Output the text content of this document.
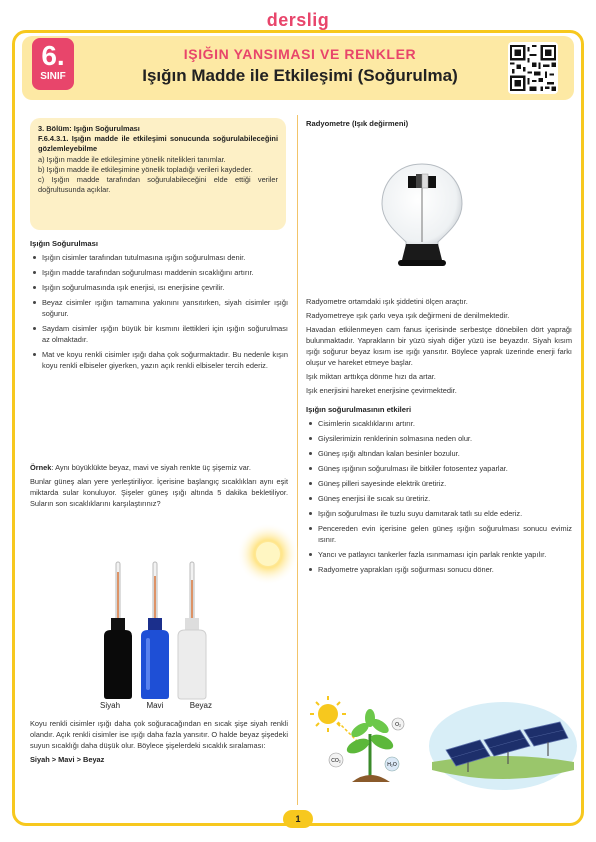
derslig
6.
SINIF
IŞIĞIN YANSIMASI VE RENKLER
Işığın Madde ile Etkileşimi (Soğurulma)
3. Bölüm: Işığın Soğurulması
F.6.4.3.1. Işığın madde ile etkileşimi sonucunda soğurulabileceğini gözlemleyebilme
a) Işığın madde ile etkileşimine yönelik nitelikleri tanımlar.
b) Işığın madde ile etkileşimine yönelik topladığı verileri kaydeder.
c) Işığın madde tarafından soğurulabileceğini elde ettiği veriler doğrultusunda açıklar.
Işığın Soğurulması
Işığın cisimler tarafından tutulmasına ışığın soğurulması denir.
Işığın madde tarafından soğurulması maddenin sıcaklığını artırır.
Işığın soğurulmasında ışık enerjisi, ısı enerjisine çevrilir.
Beyaz cisimler ışığın tamamına yakınını yansıtırken, siyah cisimler ışığı soğurur.
Saydam cisimler ışığın büyük bir kısmını ilettikleri için ışığın soğurulması az olmaktadır.
Mat ve koyu renkli cisimler ışığı daha çok soğurmaktadır. Bu nedenle kışın koyu renkli elbiseler giyerken, yazın açık renkli elbiseler tercih ederiz.

Örnek: Aynı büyüklükte beyaz, mavi ve siyah renkte üç şişemiz var.

Bunlar güneş alan yere yerleştiriliyor. İçerisine başlangıç sıcaklıkları aynı eşit miktarda sular konuluyor. Şişeler güneş ışığı altında 5 dakika bekletiliyor. Suların son sıcaklıklarını karşılaştırınız?

Siyah	Mavi	Beyaz

Koyu renkli cisimler ışığı daha çok soğuracağından en sıcak şişe siyah renkli olandır. Açık renkli cisimler ise ışığı daha fazla yansıtır. O halde beyaz şişedeki suyun sıcaklığı daha düşük olur. Böylece şişelerdeki sıcaklık sıralaması:

Siyah > Mavi > Beyaz

Radyometre (Işık değirmeni)

Radyometre ortamdaki ışık şiddetini ölçen araçtır.

Radyometreye ışık çarkı veya ışık değirmeni de denilmektedir.

Havadan etkilenmeyen cam fanus içerisinde serbestçe dönebilen dört yaprağı bulunmaktadır. Yaprakların bir yüzü siyah diğer yüzü ise beyazdır. Siyah kısım ışığı soğurur beyaz kısım ise ışığı yansıtır. Böylece yaprak üzerinde enerji farkı oluşur ve hareket etmeye başlar.

Işık miktarı arttıkça dönme hızı da artar.

Işık enerjisini hareket enerjisine çevirmektedir.

Işığın soğurulmasının etkileri
Cisimlerin sıcaklıklarını artırır.
Giysilerimizin renklerinin solmasına neden olur.
Güneş ışığı altından kalan besinler bozulur.
Güneş ışığının soğurulması ile bitkiler fotosentez yaparlar.
Güneş pilleri sayesinde elektrik üretiriz.
Güneş enerjisi ile sıcak su üretiriz.
Işığın soğurulması ile tuzlu suyu damıtarak tatlı su elde ederiz.
Pencereden evin içerisine gelen güneş ışığın soğurulması sonucu evimiz ısınır.
Yancı ve patlayıcı tankerler fazla ısınmaması için parlak renkte yapılır.
Radyometre yaprakları ışığı soğurması sonucu döner.
O₂
CO₂
H₂O
1
